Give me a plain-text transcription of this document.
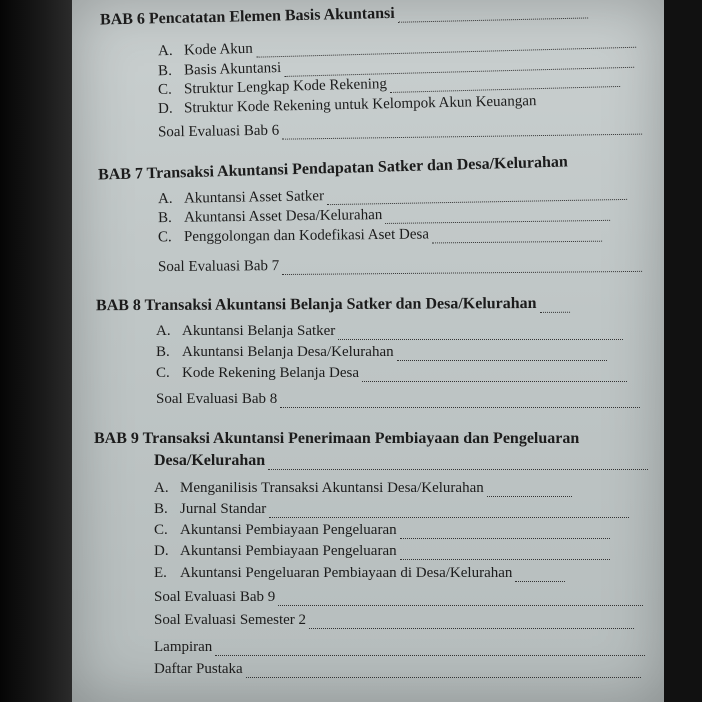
BAB 6 Pencatatan Elemen Basis Akuntansi
A. Kode Akun
B. Basis Akuntansi
C. Struktur Lengkap Kode Rekening
D. Struktur Kode Rekening untuk Kelompok Akun Keuangan
Soal Evaluasi Bab 6
BAB 7 Transaksi Akuntansi Pendapatan Satker dan Desa/Kelurahan
A. Akuntansi Asset Satker
B. Akuntansi Asset Desa/Kelurahan
C. Penggolongan dan Kodefikasi Aset Desa
Soal Evaluasi Bab 7
BAB 8 Transaksi Akuntansi Belanja Satker dan Desa/Kelurahan
A. Akuntansi Belanja Satker
B. Akuntansi Belanja Desa/Kelurahan
C. Kode Rekening Belanja Desa
Soal Evaluasi Bab 8
BAB 9 Transaksi Akuntansi Penerimaan Pembiayaan dan Pengeluaran
Desa/Kelurahan
A. Menganilisis Transaksi Akuntansi Desa/Kelurahan
B. Jurnal Standar
C. Akuntansi Pembiayaan Pengeluaran
D. Akuntansi Pembiayaan Pengeluaran
E. Akuntansi Pengeluaran Pembiayaan di Desa/Kelurahan
Soal Evaluasi Bab 9
Soal Evaluasi Semester 2
Lampiran
Daftar Pustaka
